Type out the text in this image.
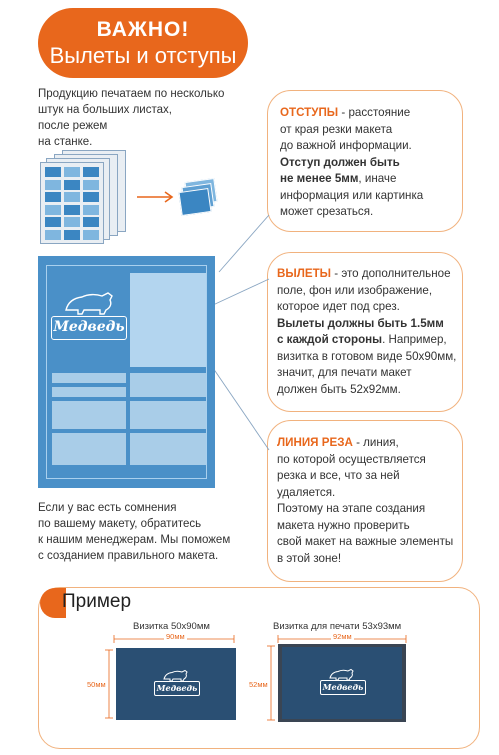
ВАЖНО!
Вылеты и отступы
Продукцию печатаем по несколько
штук на больших листах,
после режем
на станке.

ОТСТУПЫ - расстояние

от края резки макета

до важной информации.

Отступ должен быть

не менее 5мм, иначе

информация или картинка

может срезаться.

ВЫЛЕТЫ - это дополнительное

поле, фон или изображение,

которое идет под срез.

Вылеты должны быть 1.5мм

с каждой стороны. Например,

визитка в готовом виде 50х90мм,

значит, для печати макет

должен быть 52х92мм.

ЛИНИЯ РЕЗА - линия,

по которой осуществляется

резка и все, что за ней

удаляется.

Поэтому на этапе создания

макета нужно проверить

свой макет на важные элементы

в этой зоне!

Медведь
Если у вас есть сомнения
по вашему макету, обратитесь
к нашим менеджерам. Мы поможем
с созданием правильного макета.
Пример
Визитка 50х90мм
90мм
50мм	Медведь
Визитка для печати 53х93мм
92мм
52мм	Медведь
